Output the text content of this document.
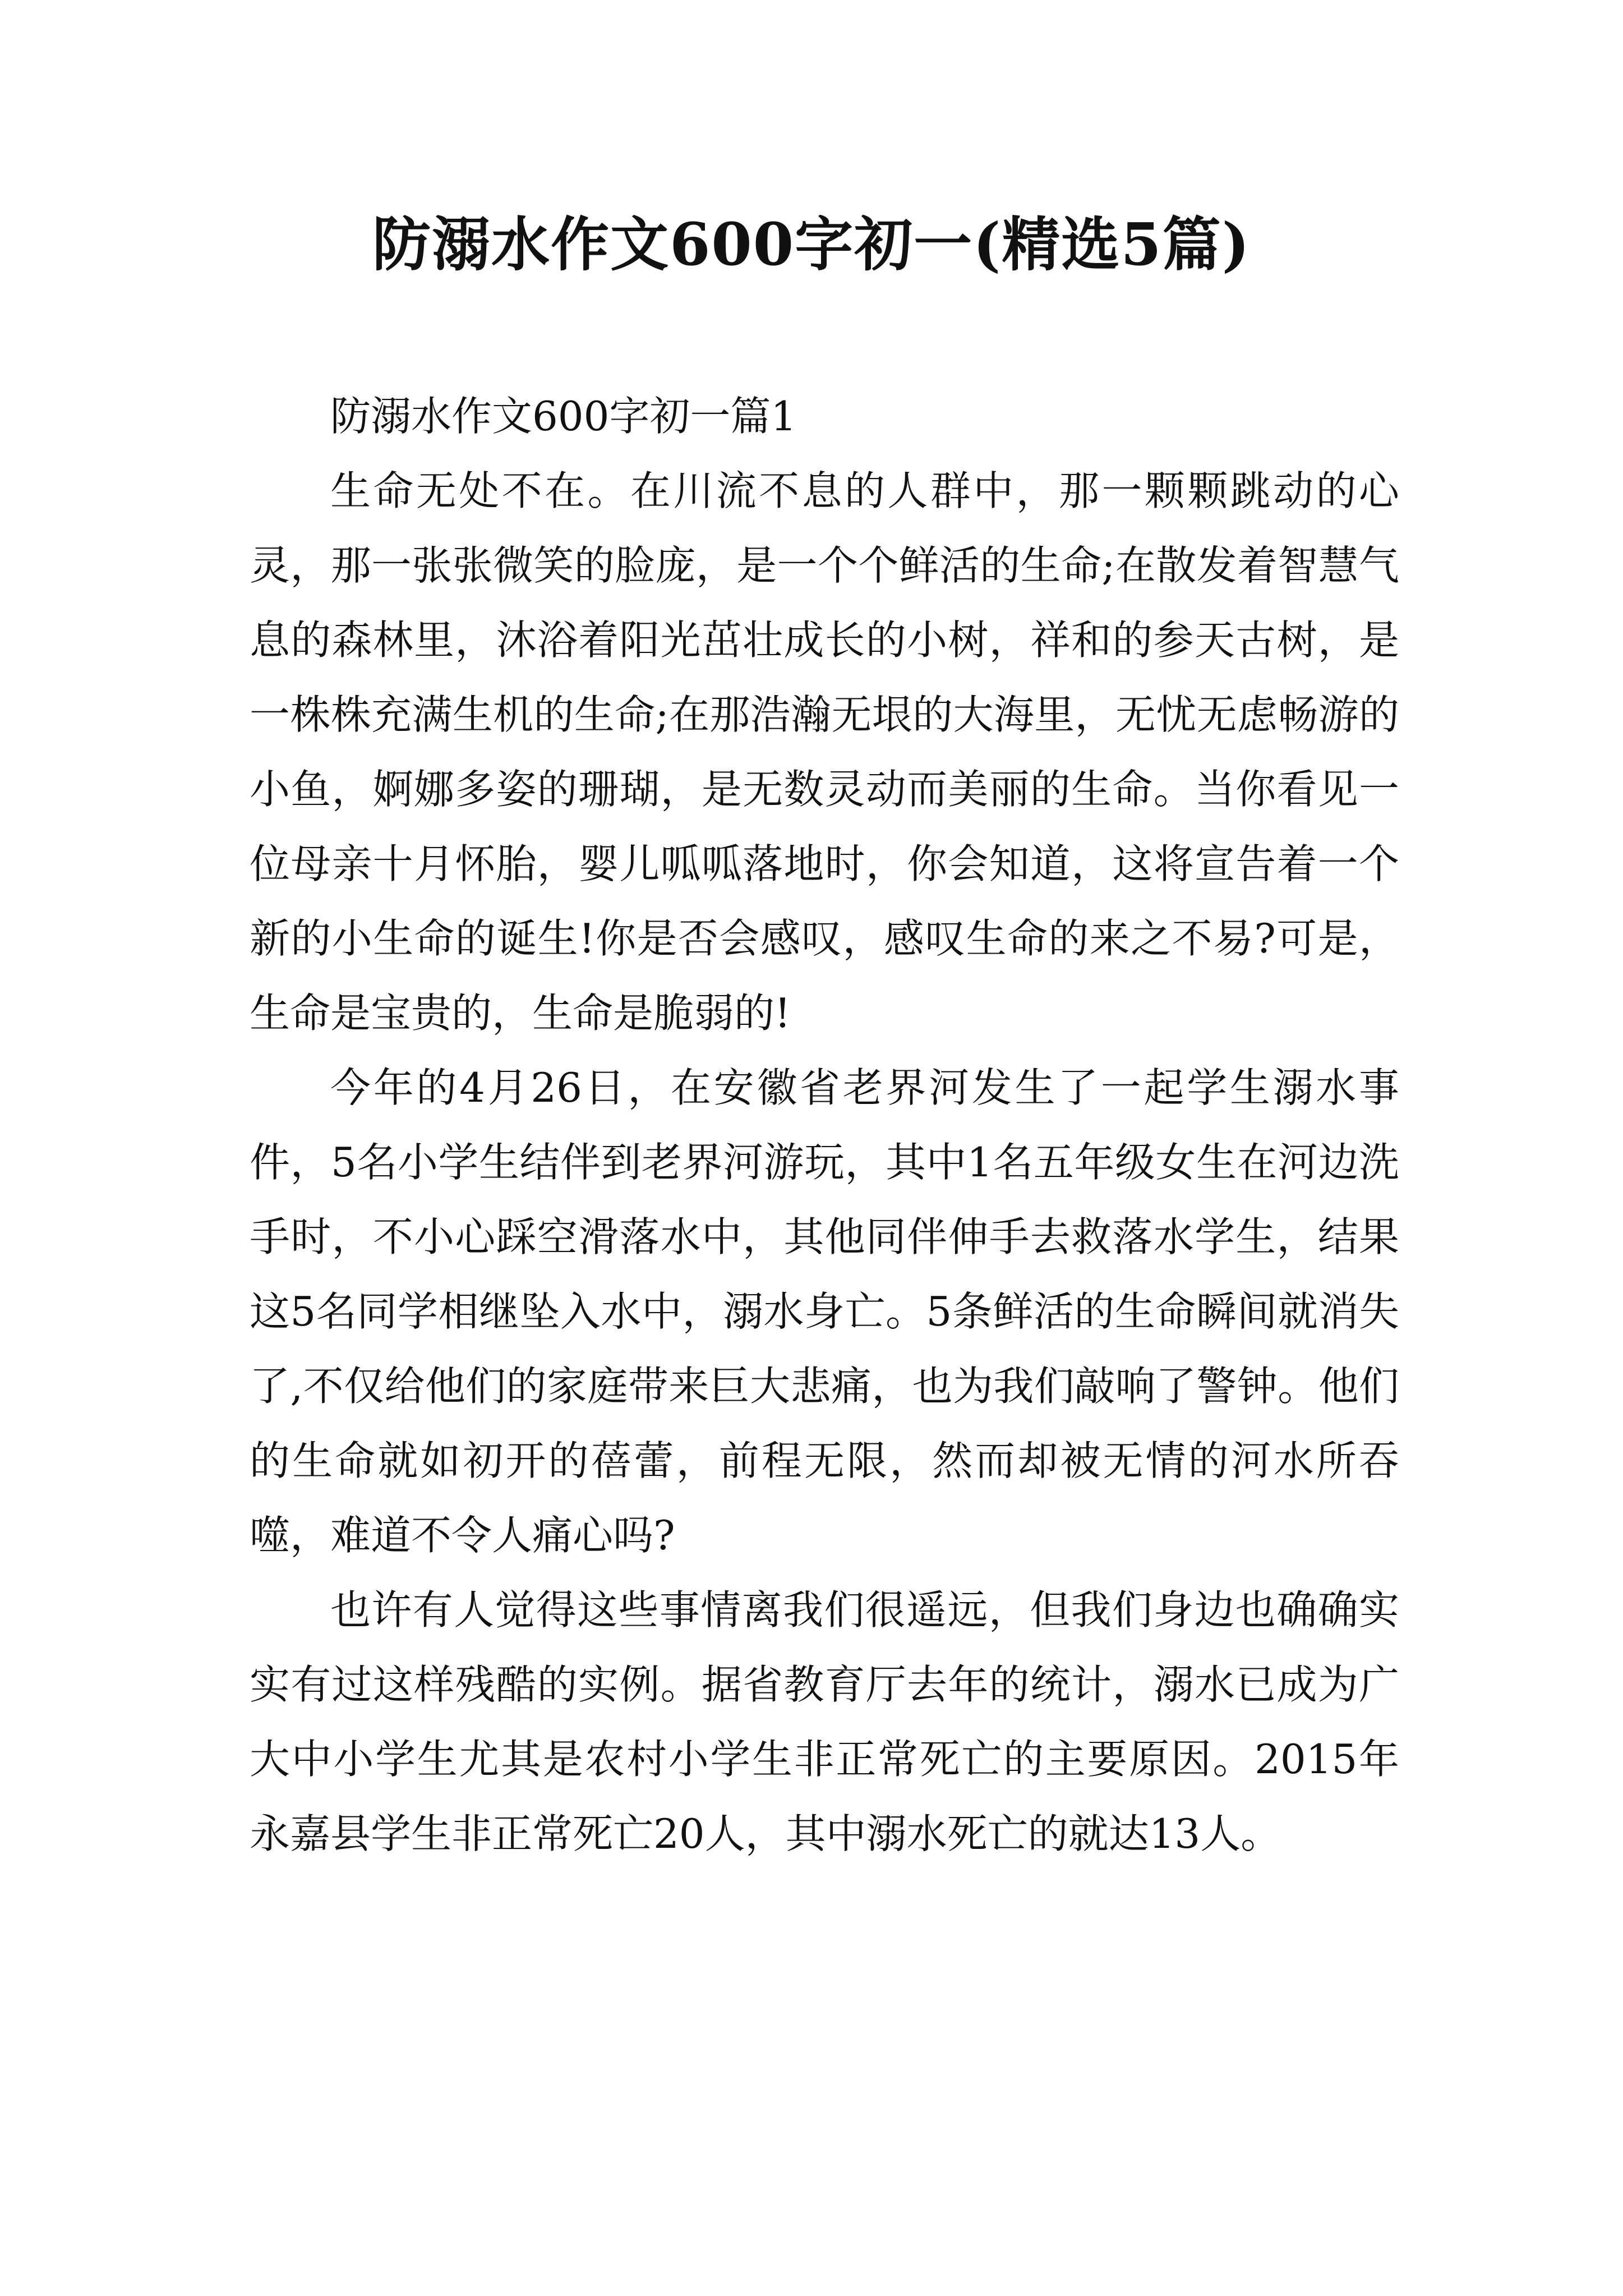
防溺水作文600字初一(精选5篇)

防溺水作文600字初一篇1

生命无处不在。在川流不息的人群中，那一颗颗跳动的心灵，那一张张微笑的脸庞，是一个个鲜活的生命;在散发着智慧气息的森林里，沐浴着阳光茁壮成长的小树，祥和的参天古树，是一株株充满生机的生命;在那浩瀚无垠的大海里，无忧无虑畅游的小鱼，婀娜多姿的珊瑚，是无数灵动而美丽的生命。当你看见一位母亲十月怀胎，婴儿呱呱落地时，你会知道，这将宣告着一个新的小生命的诞生!你是否会感叹，感叹生命的来之不易?可是，生命是宝贵的，生命是脆弱的!

今年的4月26日，在安徽省老界河发生了一起学生溺水事件，5名小学生结伴到老界河游玩，其中1名五年级女生在河边洗手时，不小心踩空滑落水中，其他同伴伸手去救落水学生，结果这5名同学相继坠入水中，溺水身亡。5条鲜活的生命瞬间就消失了,不仅给他们的家庭带来巨大悲痛，也为我们敲响了警钟。他们的生命就如初开的蓓蕾，前程无限，然而却被无情的河水所吞噬，难道不令人痛心吗?

也许有人觉得这些事情离我们很遥远，但我们身边也确确实实有过这样残酷的实例。据省教育厅去年的统计，溺水已成为广大中小学生尤其是农村小学生非正常死亡的主要原因。2015年永嘉县学生非正常死亡20人，其中溺水死亡的就达13人。
